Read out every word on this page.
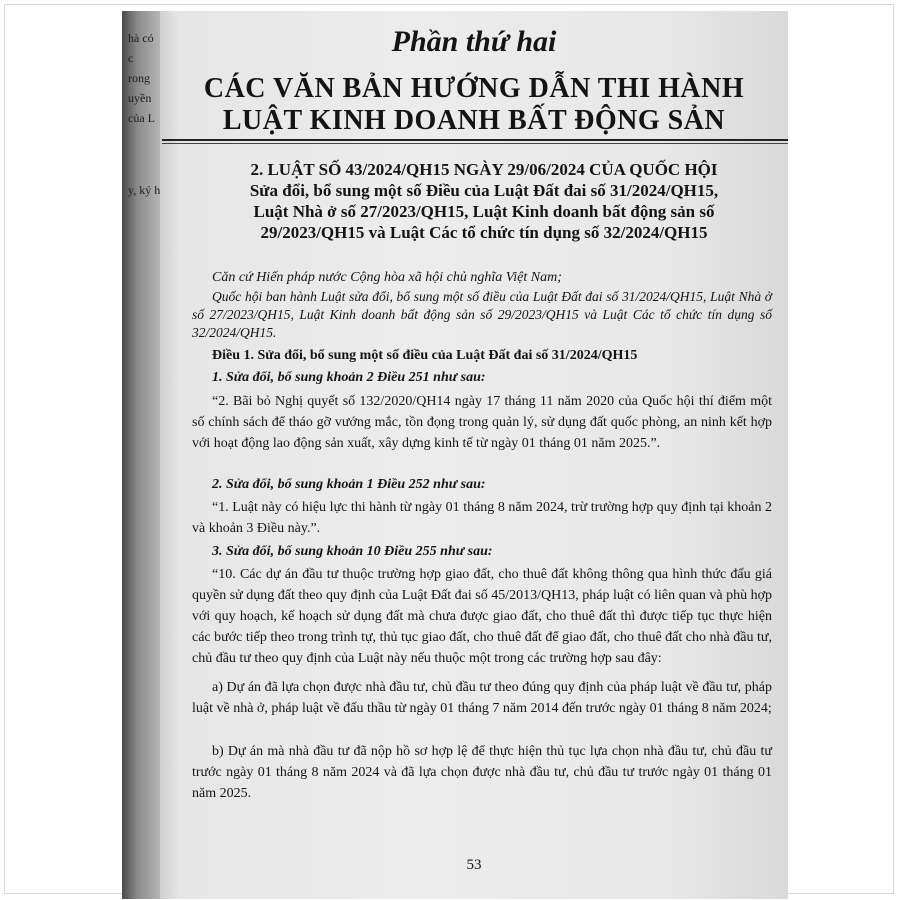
hà có
c
rong
uyền
của L
y, ký h
Phần thứ hai
CÁC VĂN BẢN HƯỚNG DẪN THI HÀNH
LUẬT KINH DOANH BẤT ĐỘNG SẢN
2. LUẬT SỐ 43/2024/QH15 NGÀY 29/06/2024 CỦA QUỐC HỘI
Sửa đổi, bổ sung một số Điều của Luật Đất đai số 31/2024/QH15,
Luật Nhà ở số 27/2023/QH15, Luật Kinh doanh bất động sản số
29/2023/QH15 và Luật Các tổ chức tín dụng số 32/2024/QH15
Căn cứ Hiến pháp nước Cộng hòa xã hội chủ nghĩa Việt Nam;
Quốc hội ban hành Luật sửa đổi, bổ sung một số điều của Luật Đất đai số 31/2024/QH15, Luật Nhà ở số 27/2023/QH15, Luật Kinh doanh bất động sản số 29/2023/QH15 và Luật Các tổ chức tín dụng số 32/2024/QH15.
Điều 1. Sửa đổi, bổ sung một số điều của Luật Đất đai số 31/2024/QH15
1. Sửa đổi, bổ sung khoản 2 Điều 251 như sau:
“2. Bãi bỏ Nghị quyết số 132/2020/QH14 ngày 17 tháng 11 năm 2020 của Quốc hội thí điểm một số chính sách để tháo gỡ vướng mắc, tồn đọng trong quản lý, sử dụng đất quốc phòng, an ninh kết hợp với hoạt động lao động sản xuất, xây dựng kinh tế từ ngày 01 tháng 01 năm 2025.”.
2. Sửa đổi, bổ sung khoản 1 Điều 252 như sau:
“1. Luật này có hiệu lực thi hành từ ngày 01 tháng 8 năm 2024, trừ trường hợp quy định tại khoản 2 và khoản 3 Điều này.”.
3. Sửa đổi, bổ sung khoản 10 Điều 255 như sau:
“10. Các dự án đầu tư thuộc trường hợp giao đất, cho thuê đất không thông qua hình thức đấu giá quyền sử dụng đất theo quy định của Luật Đất đai số 45/2013/QH13, pháp luật có liên quan và phù hợp với quy hoạch, kế hoạch sử dụng đất mà chưa được giao đất, cho thuê đất thì được tiếp tục thực hiện các bước tiếp theo trong trình tự, thủ tục giao đất, cho thuê đất để giao đất, cho thuê đất cho nhà đầu tư, chủ đầu tư theo quy định của Luật này nếu thuộc một trong các trường hợp sau đây:
a) Dự án đã lựa chọn được nhà đầu tư, chủ đầu tư theo đúng quy định của pháp luật về đầu tư, pháp luật về nhà ở, pháp luật về đấu thầu từ ngày 01 tháng 7 năm 2014 đến trước ngày 01 tháng 8 năm 2024;
b) Dự án mà nhà đầu tư đã nộp hồ sơ hợp lệ để thực hiện thủ tục lựa chọn nhà đầu tư, chủ đầu tư trước ngày 01 tháng 8 năm 2024 và đã lựa chọn được nhà đầu tư, chủ đầu tư trước ngày 01 tháng 01 năm 2025.
53
